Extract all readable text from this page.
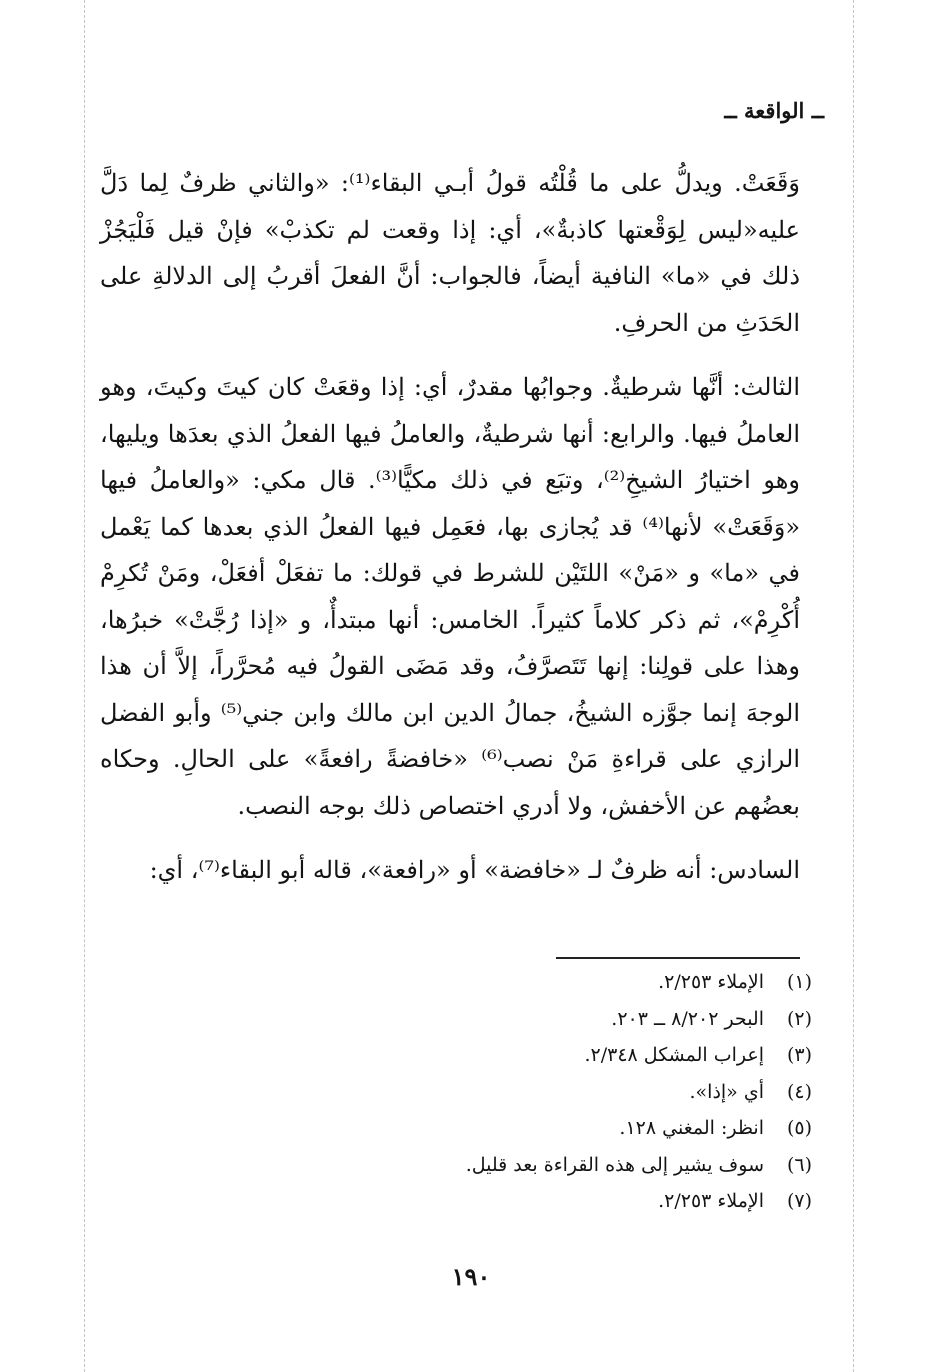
ــ الواقعة ــ

وَقَعَتْ. ويدلُّ على ما قُلْتُه قولُ أبـي البقاء⁽¹⁾: «والثاني ظرفٌ لِما دَلَّ عليه«ليس لِوَقْعتها كاذبةٌ»، أي: إذا وقعت لم تكذبْ» فإنْ قيل فَلْيَجُزْ ذلك في «ما» النافية أيضاً، فالجواب: أنَّ الفعلَ أقربُ إلى الدلالةِ على الحَدَثِ من الحرفِ.

الثالث: أنَّها شرطيةٌ. وجوابُها مقدرٌ، أي: إذا وقعَتْ كان كيتَ وكيتَ، وهو العاملُ فيها. والرابع: أنها شرطيةٌ، والعاملُ فيها الفعلُ الذي بعدَها ويليها، وهو اختيارُ الشيخِ⁽²⁾، وتبَع في ذلك مكيًّا⁽³⁾. قال مكي: «والعاملُ فيها «وَقَعَتْ» لأنها⁽⁴⁾ قد يُجازى بها، فعَمِل فيها الفعلُ الذي بعدها كما يَعْمل في «ما» و «مَنْ» اللتَيْن للشرط في قولك: ما تفعَلْ أفعَلْ، ومَنْ تُكرِمْ أُكْرِمْ»، ثم ذكر كلاماً كثيراً. الخامس: أنها مبتدأٌ، و «إذا رُجَّتْ» خبرُها، وهذا على قولِنا: إنها تَتَصرَّفُ، وقد مَضَى القولُ فيه مُحرَّراً، إلاَّ أن هذا الوجهَ إنما جوَّزه الشيخُ، جمالُ الدين ابن مالك وابن جني⁽⁵⁾ وأبو الفضل الرازي على قراءةِ مَنْ نصب⁽⁶⁾ «خافضةً رافعةً» على الحالِ. وحكاه بعضُهم عن الأخفش، ولا أدري اختصاص ذلك بوجه النصب.

السادس: أنه ظرفٌ لـ «خافضة» أو «رافعة»، قاله أبو البقاء⁽⁷⁾، أي:

(١)
الإملاء ٢/٢٥٣.
(٢)
البحر ٨/٢٠٢ ــ ٢٠٣.
(٣)
إعراب المشكل ٢/٣٤٨.
(٤)
أي «إذا».
(٥)
انظر: المغني ١٢٨.
(٦)
سوف يشير إلى هذه القراءة بعد قليل.
(٧)
الإملاء ٢/٢٥٣.
١٩٠
